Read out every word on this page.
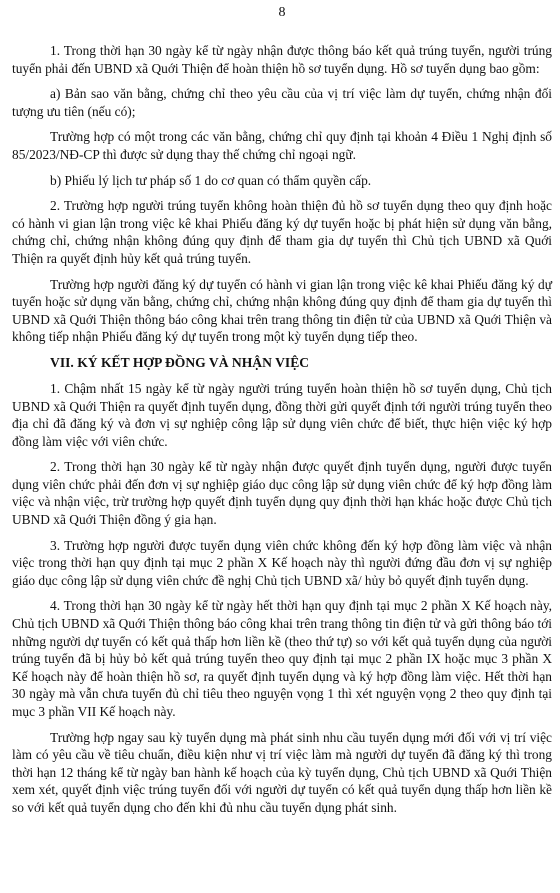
8

1. Trong thời hạn 30 ngày kể từ ngày nhận được thông báo kết quả trúng tuyển, người trúng tuyển phải đến UBND xã Quới Thiện để hoàn thiện hồ sơ tuyển dụng. Hồ sơ tuyển dụng bao gồm:

a) Bản sao văn bằng, chứng chỉ theo yêu cầu của vị trí việc làm dự tuyển, chứng nhận đối tượng ưu tiên (nếu có);

Trường hợp có một trong các văn bằng, chứng chỉ quy định tại khoản 4 Điều 1 Nghị định số 85/2023/NĐ-CP thì được sử dụng thay thế chứng chỉ ngoại ngữ.

b) Phiếu lý lịch tư pháp số 1 do cơ quan có thẩm quyền cấp.

2. Trường hợp người trúng tuyển không hoàn thiện đủ hồ sơ tuyển dụng theo quy định hoặc có hành vi gian lận trong việc kê khai Phiếu đăng ký dự tuyển hoặc bị phát hiện sử dụng văn bằng, chứng chỉ, chứng nhận không đúng quy định để tham gia dự tuyển thì Chủ tịch UBND xã Quới Thiện ra quyết định hủy kết quả trúng tuyển.

Trường hợp người đăng ký dự tuyển có hành vi gian lận trong việc kê khai Phiếu đăng ký dự tuyển hoặc sử dụng văn bằng, chứng chỉ, chứng nhận không đúng quy định để tham gia dự tuyển thì UBND xã Quới Thiện thông báo công khai trên trang thông tin điện tử của UBND xã Quới Thiện và không tiếp nhận Phiếu đăng ký dự tuyển trong một kỳ tuyển dụng tiếp theo.

VII. KÝ KẾT HỢP ĐỒNG VÀ NHẬN VIỆC

1. Chậm nhất 15 ngày kể từ ngày người trúng tuyển hoàn thiện hồ sơ tuyển dụng, Chủ tịch UBND xã Quới Thiện ra quyết định tuyển dụng, đồng thời gửi quyết định tới người trúng tuyển theo địa chỉ đã đăng ký và đơn vị sự nghiệp công lập sử dụng viên chức để biết, thực hiện việc ký hợp đồng làm việc với viên chức.

2. Trong thời hạn 30 ngày kể từ ngày nhận được quyết định tuyển dụng, người được tuyển dụng viên chức phải đến đơn vị sự nghiệp giáo dục công lập sử dụng viên chức để ký hợp đồng làm việc và nhận việc, trừ trường hợp quyết định tuyển dụng quy định thời hạn khác hoặc được Chủ tịch UBND xã Quới Thiện đồng ý gia hạn.

3. Trường hợp người được tuyển dụng viên chức không đến ký hợp đồng làm việc và nhận việc trong thời hạn quy định tại mục 2 phần X Kế hoạch này thì người đứng đầu đơn vị sự nghiệp giáo dục công lập sử dụng viên chức đề nghị Chủ tịch UBND xã/ hủy bỏ quyết định tuyển dụng.

4. Trong thời hạn 30 ngày kể từ ngày hết thời hạn quy định tại mục 2 phần X Kế hoạch này, Chủ tịch UBND xã Quới Thiện thông báo công khai trên trang thông tin điện tử và gửi thông báo tới những người dự tuyển có kết quả thấp hơn liền kề (theo thứ tự) so với kết quả tuyển dụng của người trúng tuyển đã bị hủy bỏ kết quả trúng tuyển theo quy định tại mục 2 phần IX hoặc mục 3 phần X Kế hoạch này để hoàn thiện hồ sơ, ra quyết định tuyển dụng và ký hợp đồng làm việc. Hết thời hạn 30 ngày mà vẫn chưa tuyển đủ chỉ tiêu theo nguyện vọng 1 thì xét nguyện vọng 2 theo quy định tại mục 3 phần VII Kế hoạch này.

Trường hợp ngay sau kỳ tuyển dụng mà phát sinh nhu cầu tuyển dụng mới đối với vị trí việc làm có yêu cầu về tiêu chuẩn, điều kiện như vị trí việc làm mà người dự tuyển đã đăng ký thì trong thời hạn 12 tháng kể từ ngày ban hành kế hoạch của kỳ tuyển dụng, Chủ tịch UBND xã Quới Thiện xem xét, quyết định việc trúng tuyển đối với người dự tuyển có kết quả tuyển dụng thấp hơn liền kề so với kết quả tuyển dụng cho đến khi đủ nhu cầu tuyển dụng phát sinh.
